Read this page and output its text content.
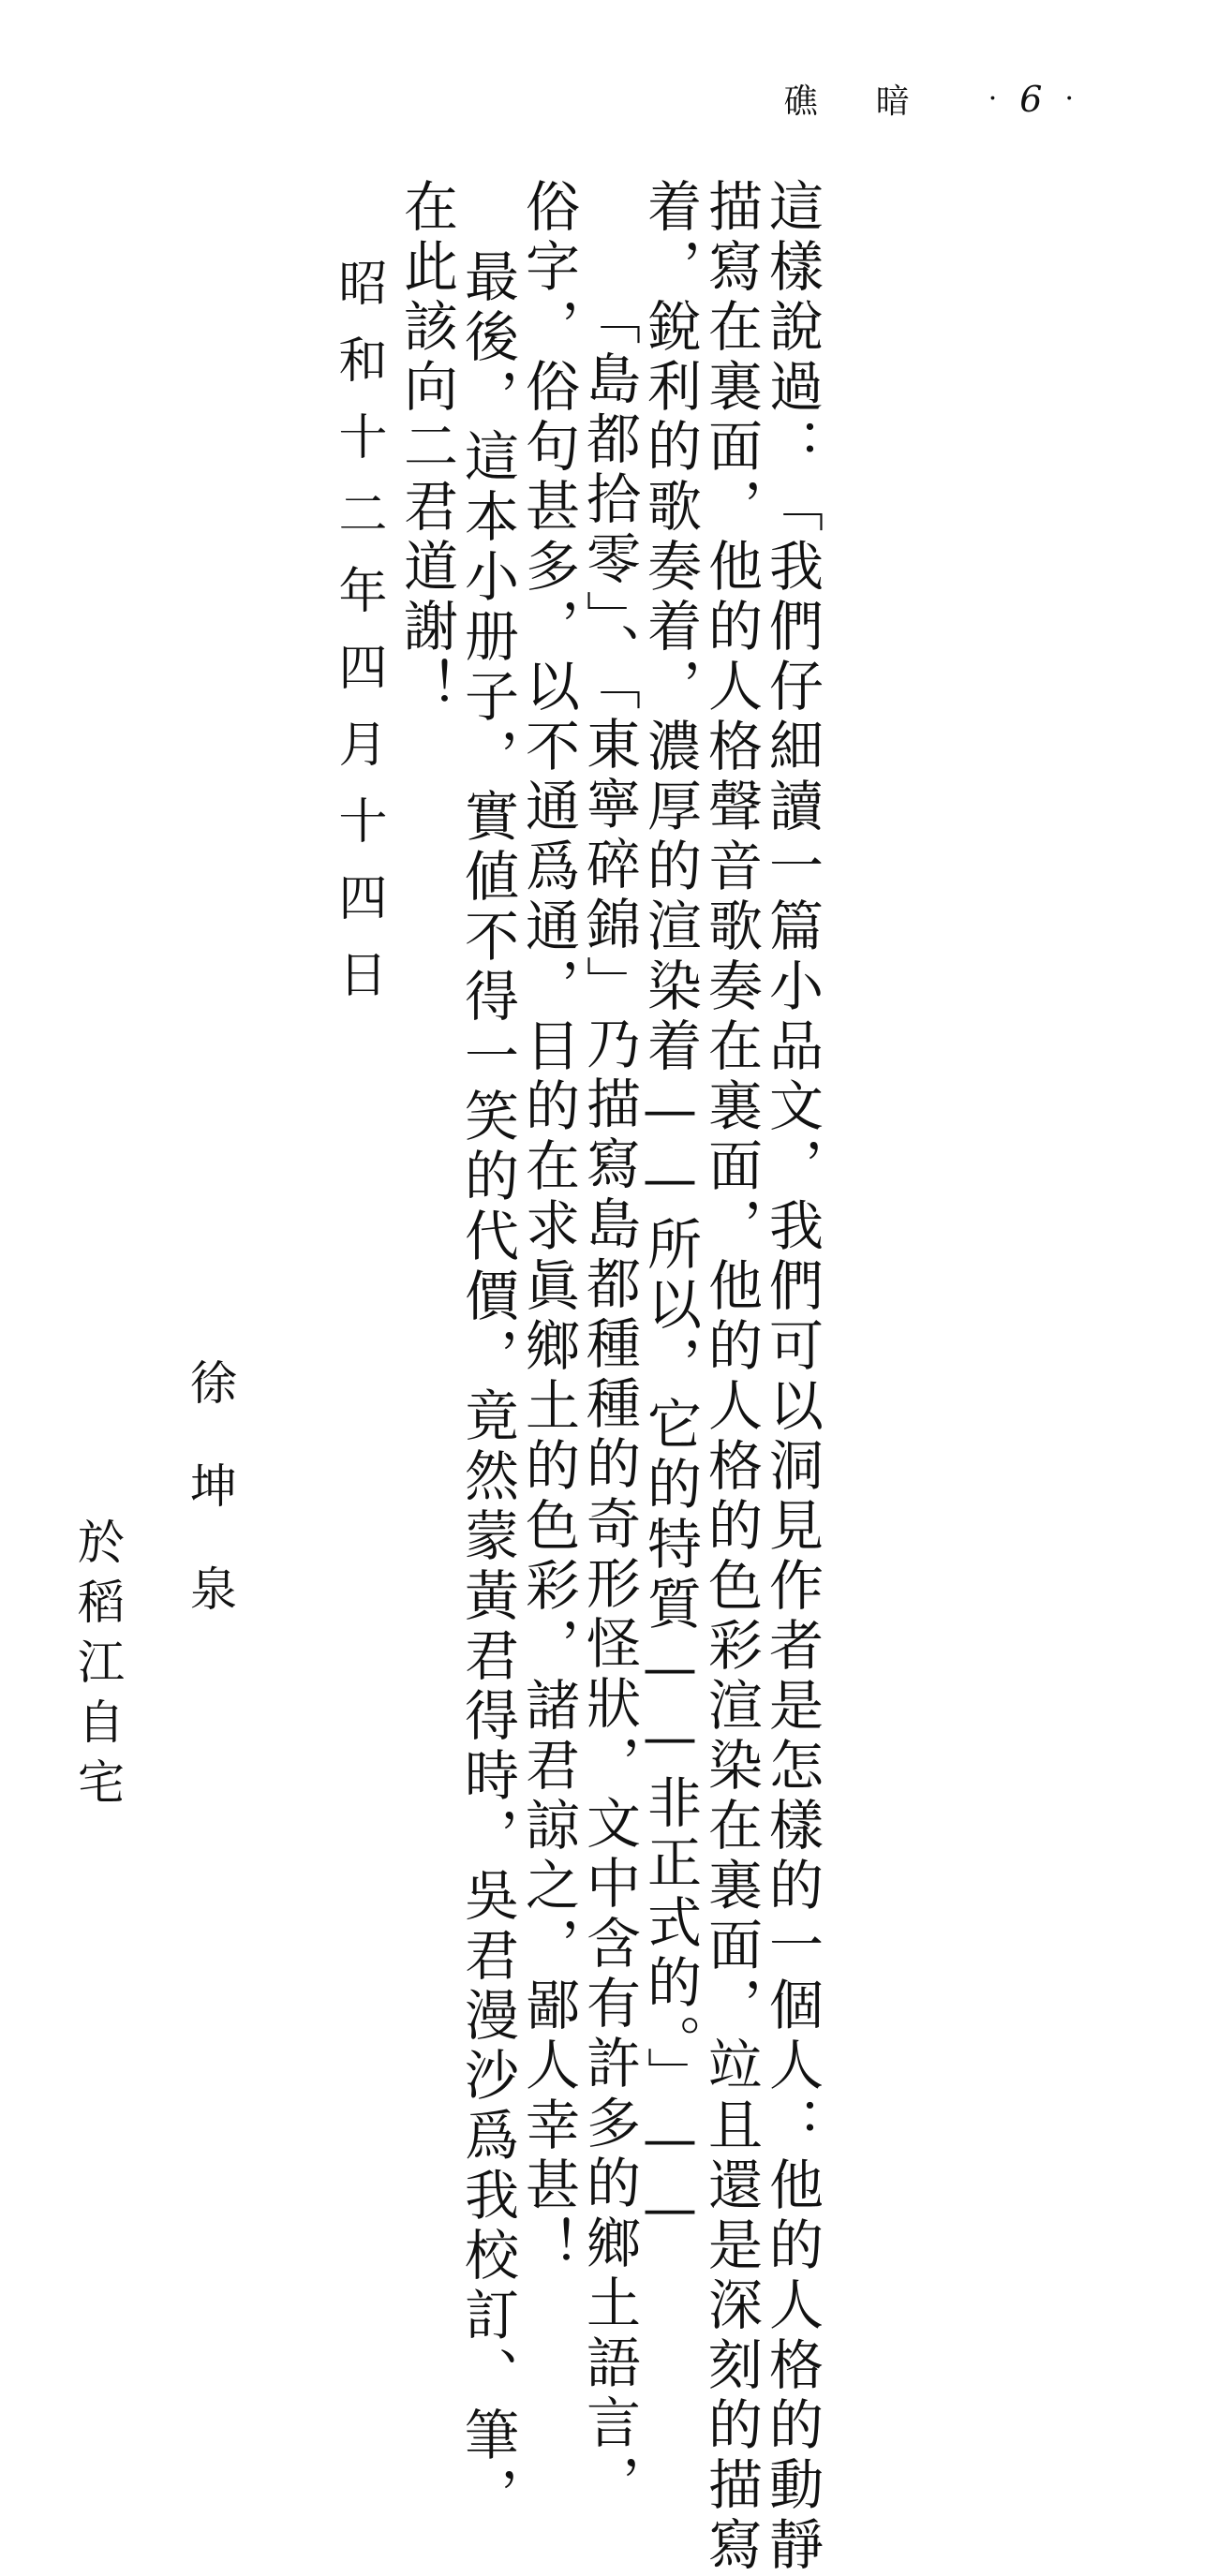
礁 暗	· 6 ·
這樣說過：「我們仔細讀一篇小品文，我們可以洞見作者是怎樣的一個人：他的人格的動靜
描寫在裏面，他的人格聲音歌奏在裏面，他的人格的色彩渲染在裏面，竝且還是深刻的描寫
着，銳利的歌奏着，濃厚的渲染着——所以，它的特質——非正式的。」——
「島都拾零」、「東寧碎錦」乃描寫島都種種的奇形怪狀，文中含有許多的鄉土語言，
俗字，俗句甚多，以不通爲通，目的在求眞鄉土的色彩，諸君諒之，鄙人幸甚！
最後，這本小册子，實値不得一笑的代價，竟然蒙黃君得時，吳君漫沙爲我校訂、筆，
在此該向二君道謝！
昭和十二年四月十四日
徐坤泉
於稻江自宅
